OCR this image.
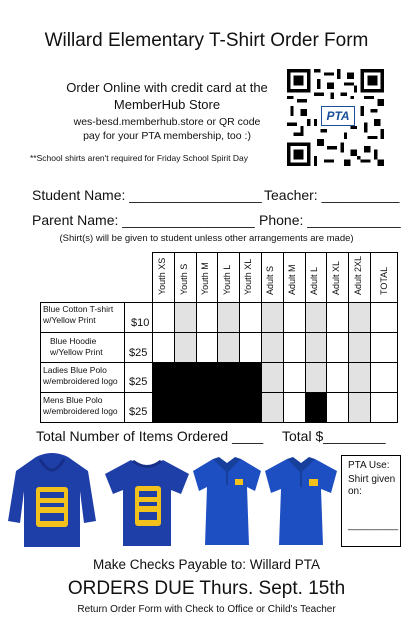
Willard Elementary T-Shirt Order Form
Order Online with credit card at the
MemberHub Store
wes-besd.memberhub.store or QR code
pay for your PTA membership, too :)
**School shirts aren't required for Friday School Spirit Day
PTA
Student Name: _________________ Teacher: __________
Parent Name: _________________ Phone: ____________
(Shirt(s) will be given to student unless other arrangements are made)
Youth XS Youth S Youth M Youth L Youth XL Adult S Adult M Adult L Adult XL Adult 2XL TOTAL
Blue Cotton T-shirt
w/Yellow Print
Blue Hoodie
w/Yellow Print
Ladies Blue Polo
w/embroidered logo
Mens Blue Polo
w/embroidered logo
$10
$25
$25
$25
Total Number of Items Ordered ____ Total $________
PTA Use:
Shirt given
on:
_________
Make Checks Payable to: Willard PTA
ORDERS DUE Thurs. Sept. 15th
Return Order Form with Check to Office or Child's Teacher
